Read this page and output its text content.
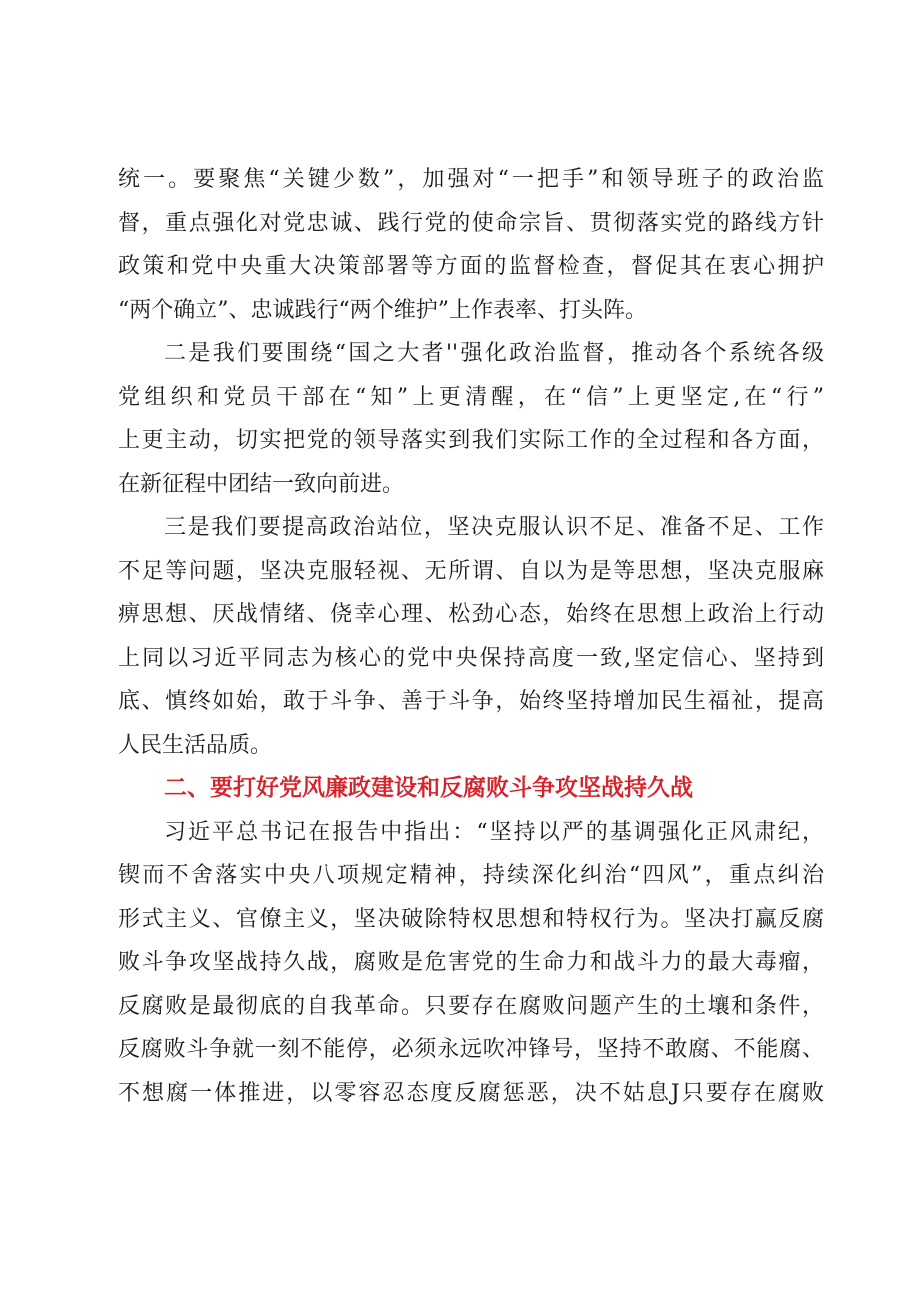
统一。要聚焦“关键少数”，加强对“一把手”和领导班子的政治监
督，重点强化对党忠诚、践行党的使命宗旨、贯彻落实党的路线方针
政策和党中央重大决策部署等方面的监督检查，督促其在衷心拥护
“两个确立”、忠诚践行“两个维护”上作表率、打头阵。
二是我们要围绕“国之大者''强化政治监督，推动各个系统各级
党组织和党员干部在“知”上更清醒，在“信”上更坚定,在“行”
上更主动，切实把党的领导落实到我们实际工作的全过程和各方面，
在新征程中团结一致向前进。
三是我们要提高政治站位，坚决克服认识不足、准备不足、工作
不足等问题，坚决克服轻视、无所谓、自以为是等思想，坚决克服麻
痹思想、厌战情绪、侥幸心理、松劲心态，始终在思想上政治上行动
上同以习近平同志为核心的党中央保持高度一致,坚定信心、坚持到
底、慎终如始，敢于斗争、善于斗争，始终坚持增加民生福祉，提高
人民生活品质。
二、要打好党风廉政建设和反腐败斗争攻坚战持久战
习近平总书记在报告中指出：“坚持以严的基调强化正风肃纪，
锲而不舍落实中央八项规定精神，持续深化纠治“四风”，重点纠治
形式主义、官僚主义，坚决破除特权思想和特权行为。坚决打赢反腐
败斗争攻坚战持久战，腐败是危害党的生命力和战斗力的最大毒瘤，
反腐败是最彻底的自我革命。只要存在腐败问题产生的土壤和条件，
反腐败斗争就一刻不能停，必须永远吹冲锋号，坚持不敢腐、不能腐、
不想腐一体推进，以零容忍态度反腐惩恶，决不姑息J只要存在腐败
